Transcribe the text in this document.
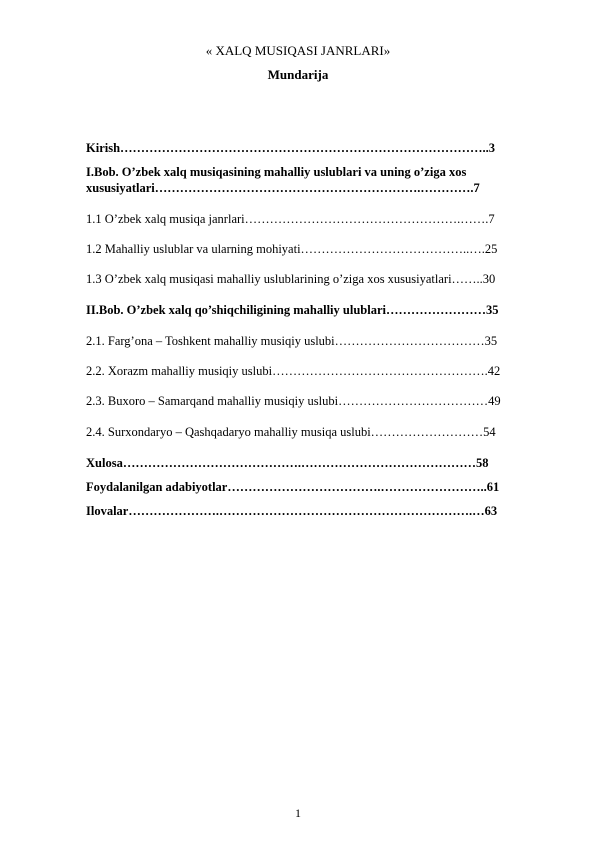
« XALQ MUSIQASI JANRLARI»
Mundarija
Kirish……………………………………………………………………………..3
I.Bob. O’zbek xalq musiqasining mahalliy uslublari va uning o’ziga xos xususiyatlari……………………………………………………….………….7
1.1 O’zbek xalq musiqa janrlari…………………………………………….…….7
1.2 Mahalliy uslublar va ularning mohiyati…………………………………..….25
1.3 O’zbek xalq musiqasi mahalliy uslublarining o’ziga xos xususiyatlari……..30
II.Bob. O’zbek xalq qo’shiqchiligining mahalliy ulublari……………………35
2.1. Farg’ona – Toshkent mahalliy musiqiy uslubi………………………………35
2.2. Xorazm mahalliy musiqiy uslubi…………………………………………….42
2.3. Buxoro – Samarqand mahalliy musiqiy uslubi………………………………49
2.4. Surxondaryo – Qashqadaryo mahalliy musiqa uslubi………………………54
Xulosa…………………………………….……………………………………58
Foydalanilgan adabiyotlar……………………………….……………………..61
Ilovalar………………….…………………………………………………….…63
1
